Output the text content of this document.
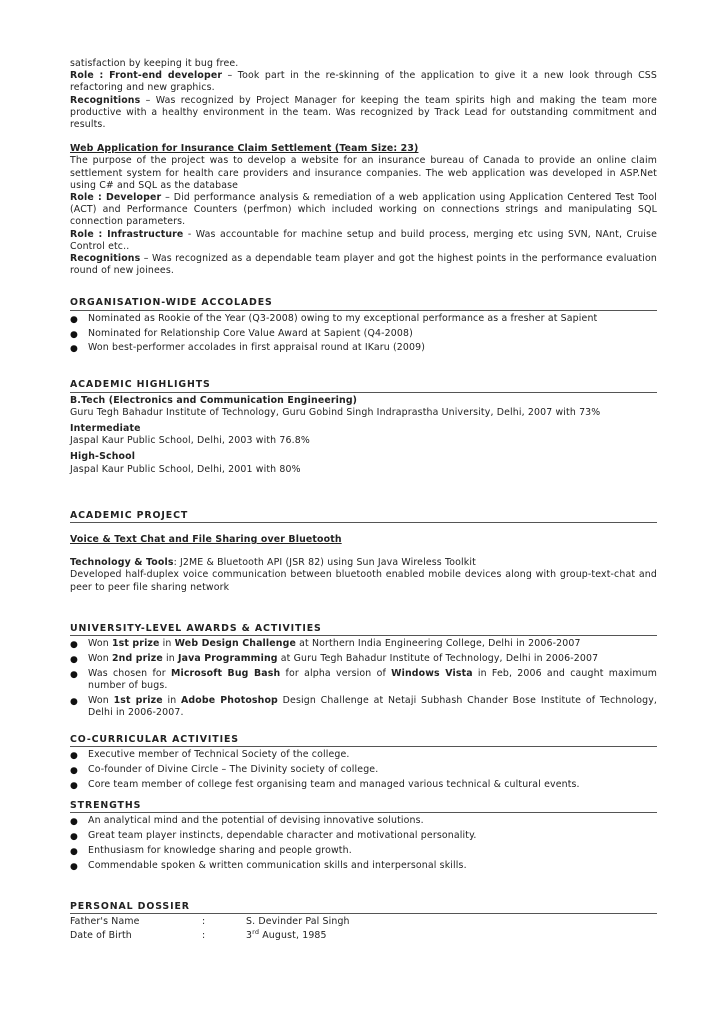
satisfaction by keeping it bug free.

Role : Front-end developer – Took part in the re-skinning of the application to give it a new look through CSS refactoring and new graphics.

Recognitions – Was recognized by Project Manager for keeping the team spirits high and making the team more productive with a healthy environment in the team. Was recognized by Track Lead for outstanding commitment and results.

Web Application for Insurance Claim Settlement (Team Size: 23)

The purpose of the project was to develop a website for an insurance bureau of Canada to provide an online claim settlement system for health care providers and insurance companies. The web application was developed in ASP.Net using C# and SQL as the database

Role : Developer – Did performance analysis & remediation of a web application using Application Centered Test Tool (ACT) and Performance Counters (perfmon) which included working on connections strings and manipulating SQL connection parameters.

Role : Infrastructure - Was accountable for machine setup and build process, merging etc using SVN, NAnt, Cruise Control etc..

Recognitions – Was recognized as a dependable team player and got the highest points in the performance evaluation round of new joinees.

ORGANISATION-WIDE ACCOLADES

● Nominated as Rookie of the Year (Q3-2008) owing to my exceptional performance as a fresher at Sapient
● Nominated for Relationship Core Value Award at Sapient (Q4-2008)
● Won best-performer accolades in first appraisal round at IKaru (2009)

ACADEMIC HIGHLIGHTS

B.Tech (Electronics and Communication Engineering)

Guru Tegh Bahadur Institute of Technology, Guru Gobind Singh Indraprastha University, Delhi, 2007 with 73%

Intermediate

Jaspal Kaur Public School, Delhi, 2003 with 76.8%

High-School

Jaspal Kaur Public School, Delhi, 2001 with 80%

ACADEMIC PROJECT

Voice & Text Chat and File Sharing over Bluetooth

Technology & Tools: J2ME & Bluetooth API (JSR 82) using Sun Java Wireless Toolkit

Developed half-duplex voice communication between bluetooth enabled mobile devices along with group-text-chat and peer to peer file sharing network

UNIVERSITY-LEVEL AWARDS & ACTIVITIES

● Won 1st prize in Web Design Challenge at Northern India Engineering College, Delhi in 2006-2007
● Won 2nd prize in Java Programming at Guru Tegh Bahadur Institute of Technology, Delhi in 2006-2007
● Was chosen for Microsoft Bug Bash for alpha version of Windows Vista in Feb, 2006 and caught maximum number of bugs.
● Won 1st prize in Adobe Photoshop Design Challenge at Netaji Subhash Chander Bose Institute of Technology, Delhi in 2006-2007.

CO-CURRICULAR ACTIVITIES

● Executive member of Technical Society of the college.
● Co-founder of Divine Circle – The Divinity society of college.
● Core team member of college fest organising team and managed various technical & cultural events.

STRENGTHS

● An analytical mind and the potential of devising innovative solutions.
● Great team player instincts, dependable character and motivational personality.
● Enthusiasm for knowledge sharing and people growth.
● Commendable spoken & written communication skills and interpersonal skills.

PERSONAL DOSSIER

Father's Name	:	S. Devinder Pal Singh
Date of Birth	:	3rd August, 1985
